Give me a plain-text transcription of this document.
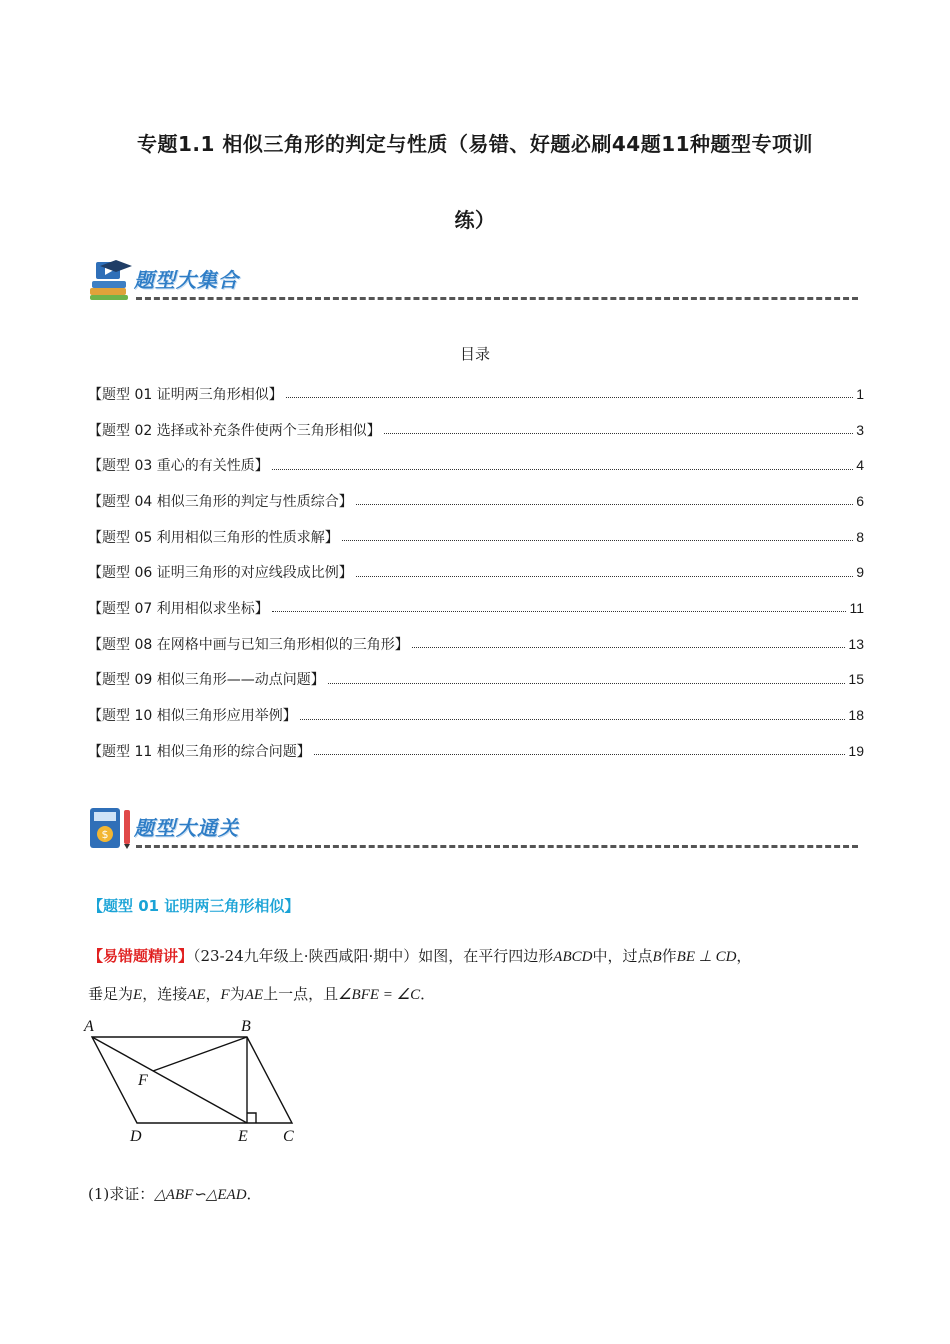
专题1.1 相似三角形的判定与性质（易错、好题必刷44题11种题型专项训
练）
题型大集合
目录
【题型 01 证明两三角形相似】	1
【题型 02 选择或补充条件使两个三角形相似】	3
【题型 03 重心的有关性质】	4
【题型 04 相似三角形的判定与性质综合】	6
【题型 05 利用相似三角形的性质求解】	8
【题型 06 证明三角形的对应线段成比例】	9
【题型 07 利用相似求坐标】	11
【题型 08 在网格中画与已知三角形相似的三角形】	13
【题型 09 相似三角形——动点问题】	15
【题型 10 相似三角形应用举例】	18
【题型 11 相似三角形的综合问题】	19
$ 题型大通关
【题型 01 证明两三角形相似】
【易错题精讲】（23-24九年级上·陕西咸阳·期中）如图，在平行四边形ABCD中，过点B作BE ⊥ CD，
垂足为E，连接AE，F为AE上一点，且∠BFE = ∠C．
A	B
C
D	E
F
(1)求证：△ABF∽△EAD．
